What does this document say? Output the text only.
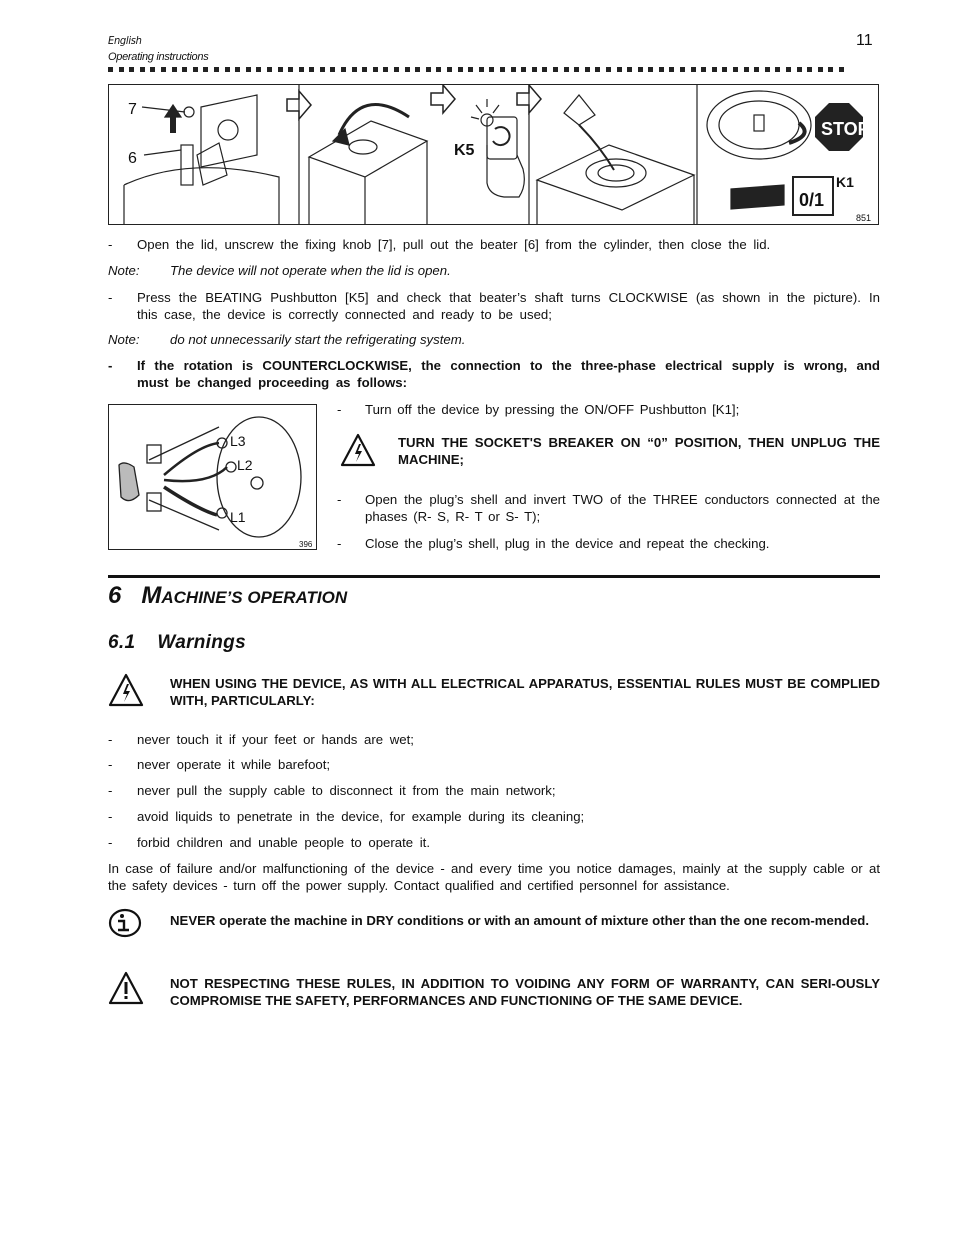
English
Operating instructions
11
7
6	K5
STOP
0/1
K1
851
- Open the lid, unscrew the fixing knob [7], pull out the beater [6] from the cylinder, then close the lid.
Note: The device will not operate when the lid is open.
- Press the BEATING Pushbutton [K5] and check that beater’s shaft turns CLOCKWISE (as shown in the picture). In this case, the device is correctly connected and ready to be used;
Note: do not unnecessarily start the refrigerating system.
- If the rotation is COUNTERCLOCKWISE, the connection to the three-phase electrical supply is wrong, and must be changed proceeding as follows:
L3
L2
L1
396
- Turn off the device by pressing the ON/OFF Pushbutton [K1];
TURN THE SOCKET'S BREAKER ON “0” POSITION, THEN UNPLUG THE MACHINE;
- Open the plug’s shell and invert TWO of the THREE conductors connected at the phases (R- S, R- T or S- T);
- Close the plug’s shell, plug in the device and repeat the checking.
6 MACHINE’S OPERATION
6.1 Warnings
WHEN USING THE DEVICE, AS WITH ALL ELECTRICAL APPARATUS, ESSENTIAL RULES MUST BE COMPLIED WITH, PARTICULARLY:
- never touch it if your feet or hands are wet;
- never operate it while barefoot;
- never pull the supply cable to disconnect it from the main network;
- avoid liquids to penetrate in the device, for example during its cleaning;
- forbid children and unable people to operate it.
In case of failure and/or malfunctioning of the device - and every time you notice damages, mainly at the supply cable or at the safety devices - turn off the power supply. Contact qualified and certified personnel for assistance.
NEVER operate the machine in DRY conditions or with an amount of mixture other than the one recom-mended.
NOT RESPECTING THESE RULES, IN ADDITION TO VOIDING ANY FORM OF WARRANTY, CAN SERI-OUSLY COMPROMISE THE SAFETY, PERFORMANCES AND FUNCTIONING OF THE SAME DEVICE.
